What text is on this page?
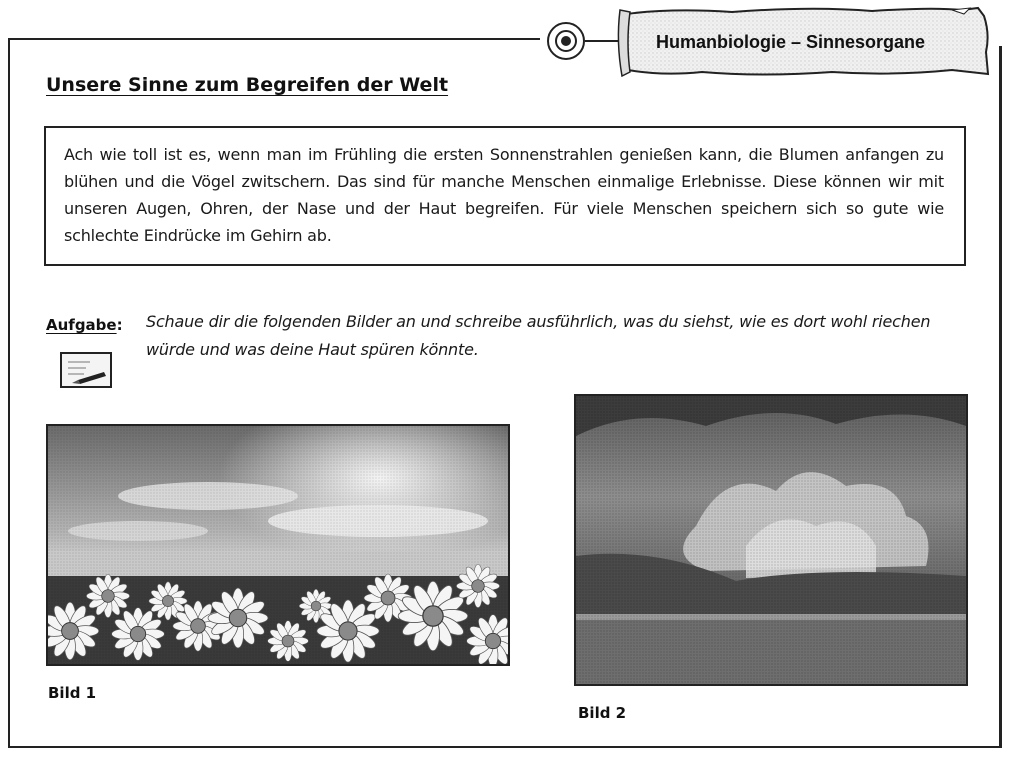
Humanbiologie – Sinnesorgane
Unsere Sinne zum Begreifen der Welt

Ach wie toll ist es, wenn man im Frühling die ersten Sonnenstrahlen genießen kann, die Blumen anfangen zu blühen und die Vögel zwitschern. Das sind für manche Menschen einmalige Erlebnisse. Diese können wir mit unseren Augen, Ohren, der Nase und der Haut begreifen. Für viele Menschen speichern sich so gute wie schlechte Eindrücke im Gehirn ab.

Aufgabe: Schaue dir die folgenden Bilder an und schreibe ausführlich, was du siehst, wie es dort wohl riechen würde und was deine Haut spüren könnte.

Bild 1
Bild 2
